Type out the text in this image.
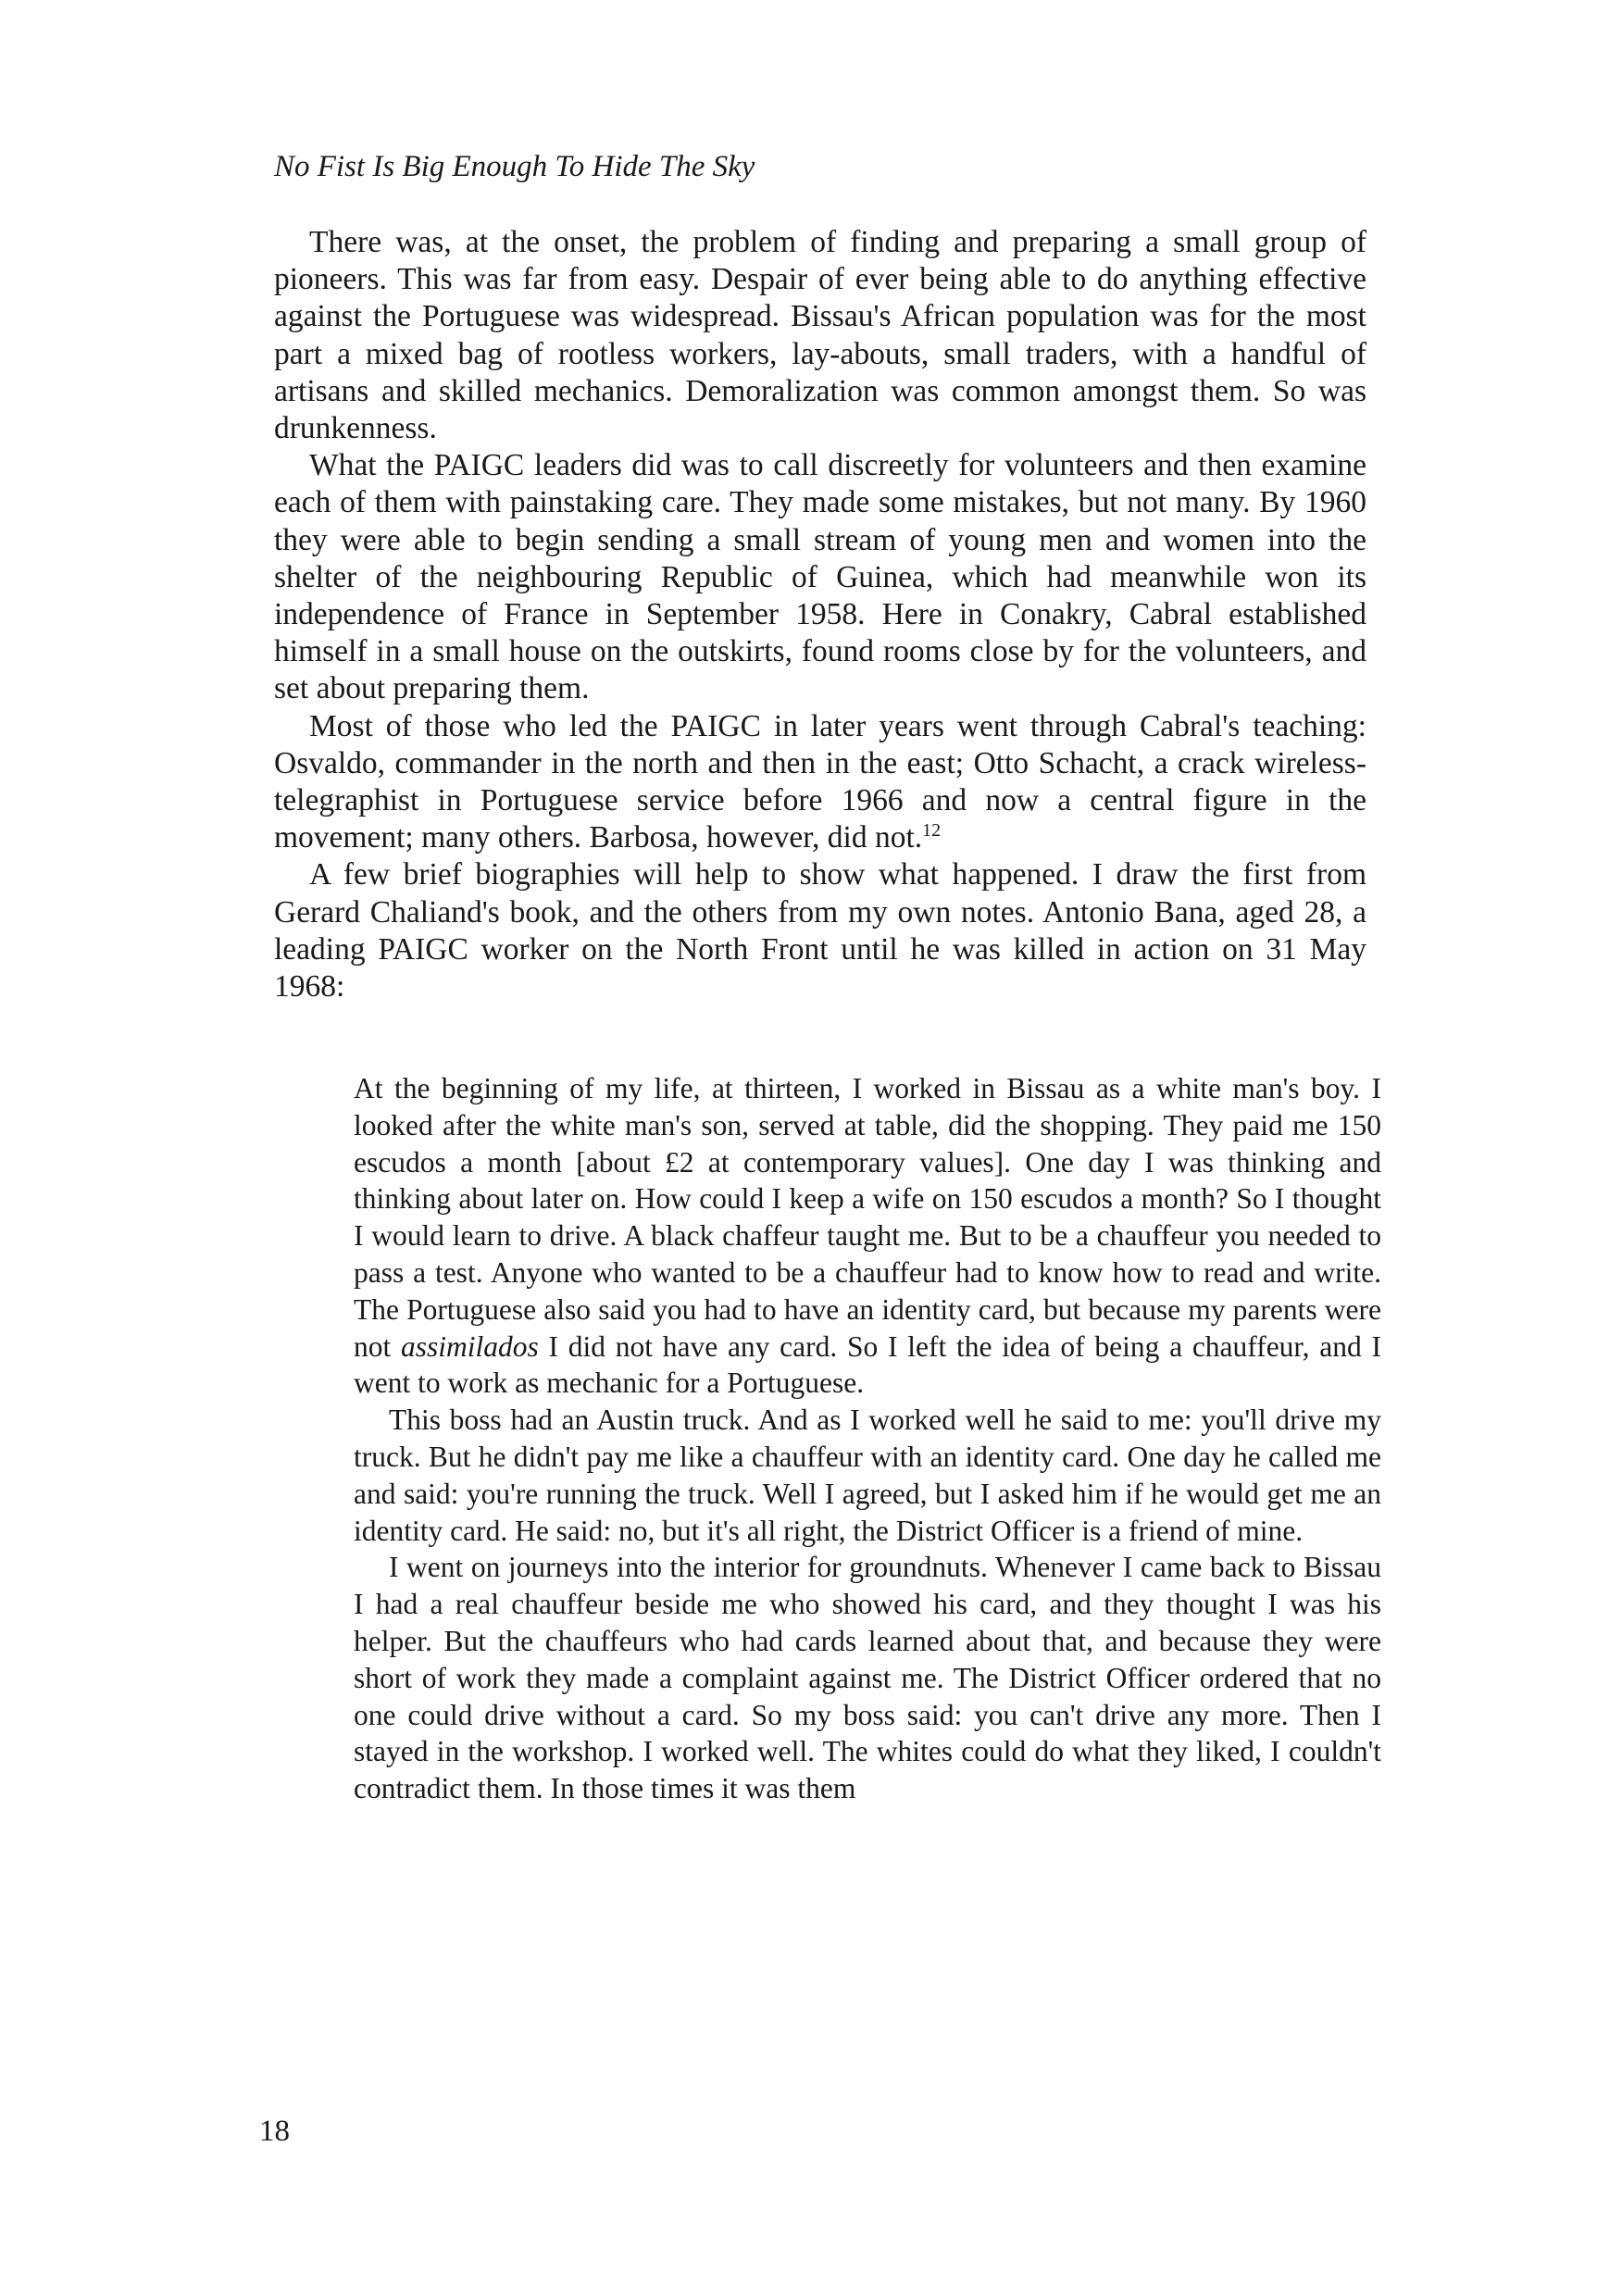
No Fist Is Big Enough To Hide The Sky

There was, at the onset, the problem of finding and preparing a small group of pioneers. This was far from easy. Despair of ever being able to do anything effective against the Portuguese was widespread. Bissau's African population was for the most part a mixed bag of rootless workers, lay-abouts, small traders, with a handful of artisans and skilled mechanics. Demoralization was common amongst them. So was drunkenness.

What the PAIGC leaders did was to call discreetly for volunteers and then examine each of them with painstaking care. They made some mistakes, but not many. By 1960 they were able to begin sending a small stream of young men and women into the shelter of the neighbouring Republic of Guinea, which had meanwhile won its independence of France in September 1958. Here in Conakry, Cabral established himself in a small house on the outskirts, found rooms close by for the volunteers, and set about preparing them.

Most of those who led the PAIGC in later years went through Cabral's teaching: Osvaldo, commander in the north and then in the east; Otto Schacht, a crack wireless-telegraphist in Portuguese service before 1966 and now a central figure in the movement; many others. Barbosa, however, did not.$^{12}$

A few brief biographies will help to show what happened. I draw the first from Gerard Chaliand's book, and the others from my own notes. Antonio Bana, aged 28, a leading PAIGC worker on the North Front until he was killed in action on 31 May 1968:

At the beginning of my life, at thirteen, I worked in Bissau as a white man's boy. I looked after the white man's son, served at table, did the shopping. They paid me 150 escudos a month [about £2 at contemporary values]. One day I was thinking and thinking about later on. How could I keep a wife on 150 escudos a month? So I thought I would learn to drive. A black chaffeur taught me. But to be a chauffeur you needed to pass a test. Anyone who wanted to be a chauffeur had to know how to read and write. The Portuguese also said you had to have an identity card, but because my parents were not assimilados I did not have any card. So I left the idea of being a chauffeur, and I went to work as mechanic for a Portuguese.

This boss had an Austin truck. And as I worked well he said to me: you'll drive my truck. But he didn't pay me like a chauffeur with an identity card. One day he called me and said: you're running the truck. Well I agreed, but I asked him if he would get me an identity card. He said: no, but it's all right, the District Officer is a friend of mine.

I went on journeys into the interior for groundnuts. Whenever I came back to Bissau I had a real chauffeur beside me who showed his card, and they thought I was his helper. But the chauffeurs who had cards learned about that, and because they were short of work they made a complaint against me. The District Officer ordered that no one could drive without a card. So my boss said: you can't drive any more. Then I stayed in the workshop. I worked well. The whites could do what they liked, I couldn't contradict them. In those times it was them

18
